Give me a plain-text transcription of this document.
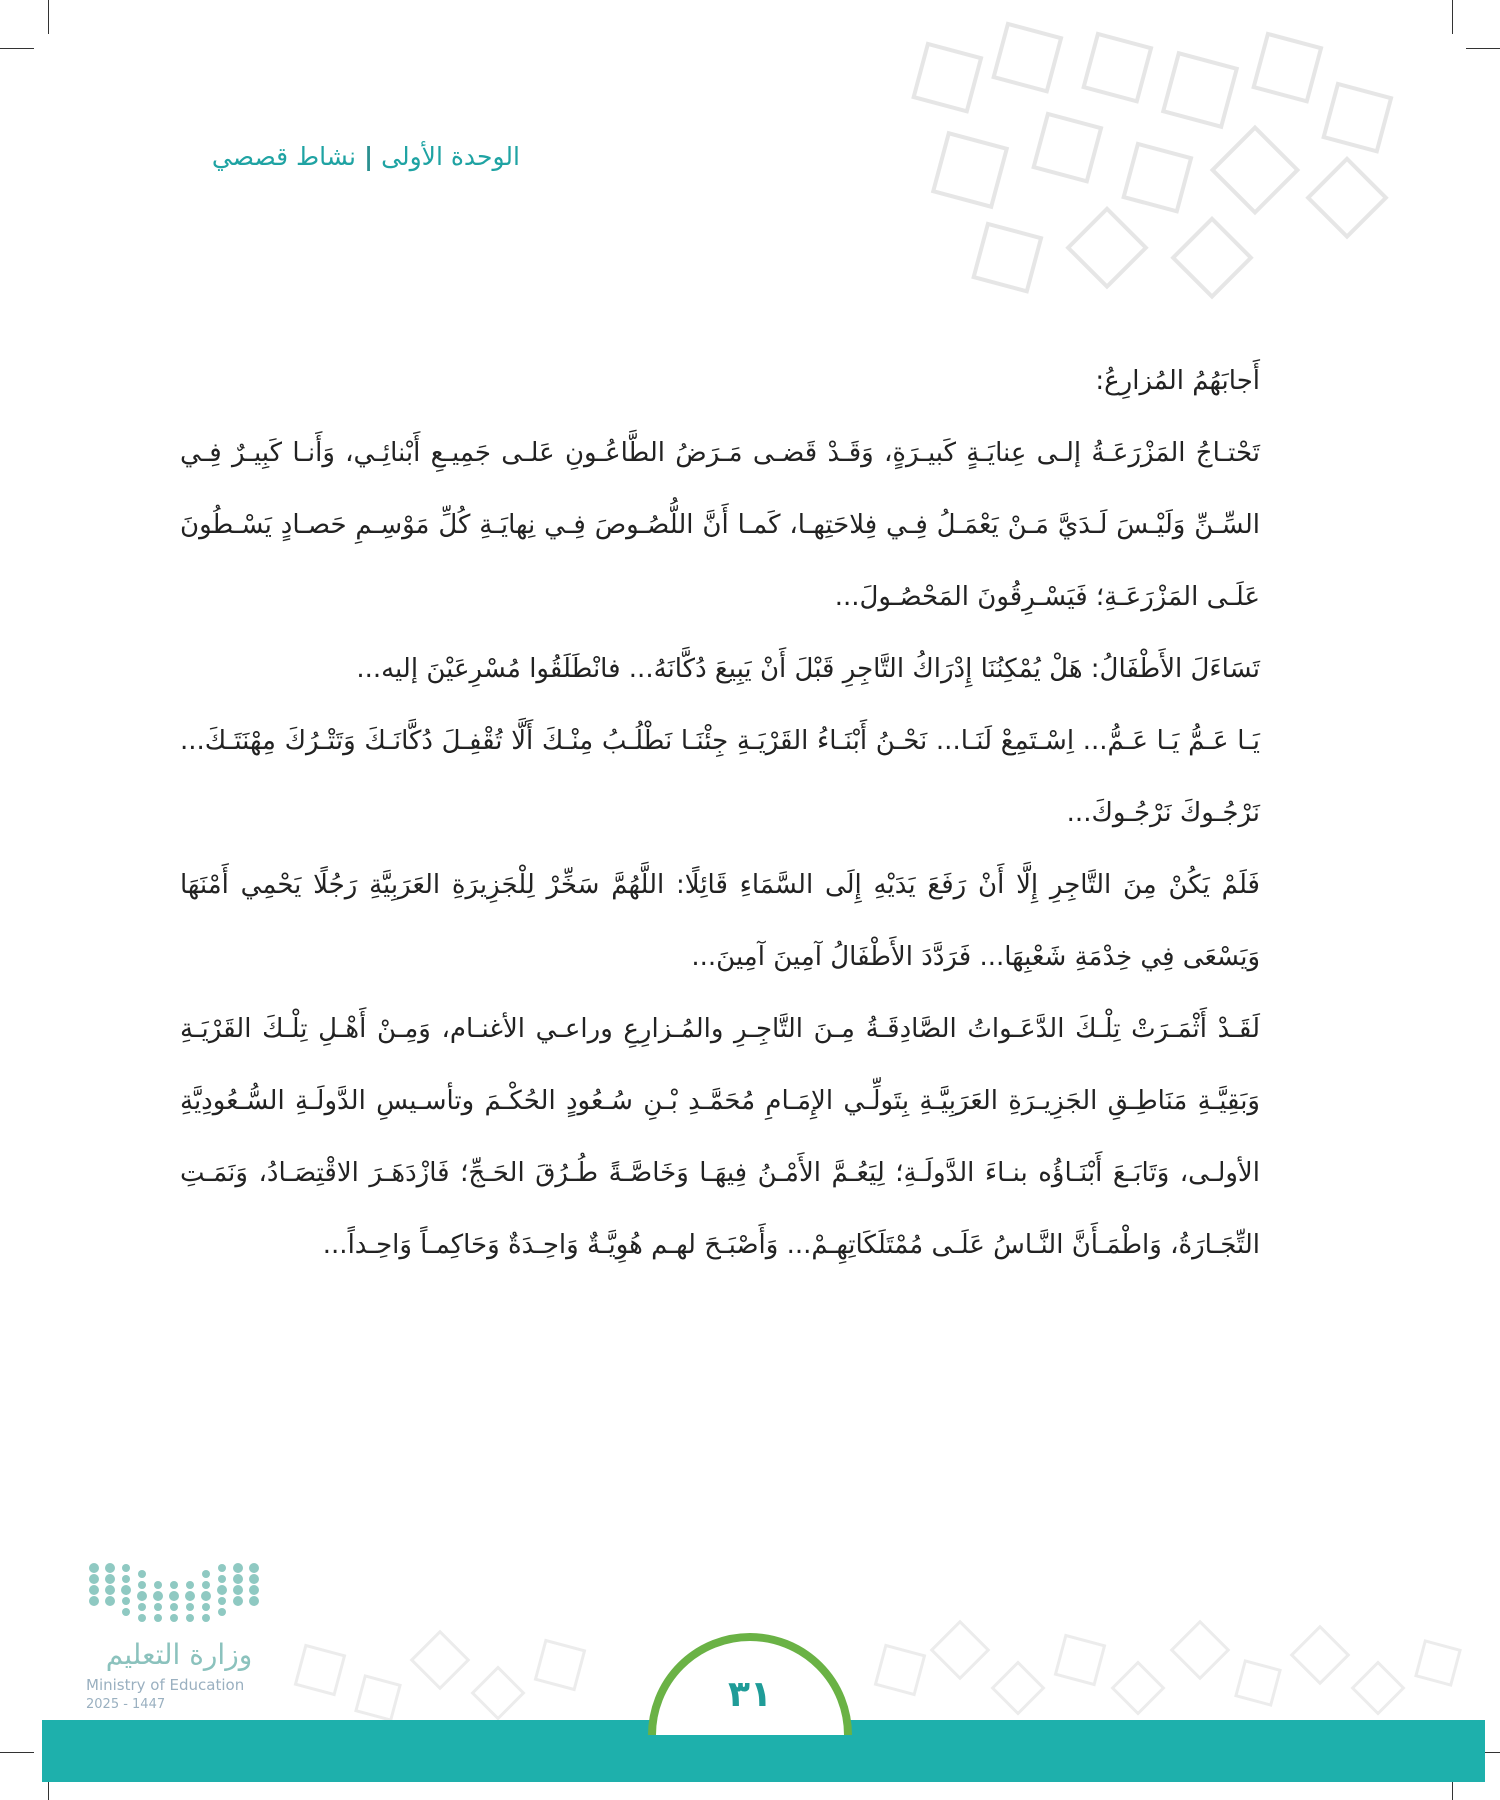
الوحدة الأولى|نشاط قصصي

أَجابَهُمُ المُزارِعُ:

تَحْتـاجُ المَزْرَعَـةُ إلـى عِنايَـةٍ كَبيـرَةٍ، وَقَـدْ قَضـى مَـرَضُ الطَّاعُـونِ عَلـى جَمِيـعِ أَبْنائِـي، وَأَنـا كَبِيـرٌ فِـي السِّـنِّ وَلَيْـسَ لَـدَيَّ مَـنْ يَعْمَـلُ فِـي فِلاحَتِهـا، كَمـا أَنَّ اللُّصُـوصَ فِـي نِهايَـةِ كُلِّ مَوْسِـمِ حَصـادٍ يَسْـطُونَ عَلَـى المَزْرَعَـةِ؛ فَيَسْـرِقُونَ المَحْصُـولَ...

تَسَاءَلَ الأَطْفَالُ: هَلْ يُمْكِنُنَا إِدْرَاكُ التَّاجِرِ قَبْلَ أَنْ يَبِيعَ دُكَّانَهُ... فانْطَلَقُوا مُسْرِعَيْنَ إليه...

يَـا عَـمُّ يَـا عَـمُّ... اِسْـتَمِعْ لَنَـا... نَحْـنُ أَبْنَـاءُ القَرْيَـةِ جِئْنَـا نَطْلُـبُ مِنْـكَ أَلَّا تُقْفِـلَ دُكَّانَـكَ وَتَتْـرُكَ مِهْنَتَـكَ... نَرْجُـوكَ نَرْجُـوكَ...

فَلَمْ يَكُنْ مِنَ التَّاجِرِ إِلَّا أَنْ رَفَعَ يَدَيْهِ إِلَى السَّمَاءِ قَائِلًا: اللَّهُمَّ سَخِّرْ لِلْجَزِيرَةِ العَرَبِيَّةِ رَجُلًا يَحْمِي أَمْنَهَا وَيَسْعَى فِي خِدْمَةِ شَعْبِهَا... فَرَدَّدَ الأَطْفَالُ آمِينَ آمِينَ...

لَقَـدْ أَثْمَـرَتْ تِلْـكَ الدَّعَـواتُ الصَّادِقَـةُ مِـنَ التَّاجِـرِ والمُـزارِعِ وراعـي الأغنـام، وَمِـنْ أَهْـلِ تِلْـكَ القَرْيَـةِ وَبَقِيَّـةِ مَنَاطِـقِ الجَزِيـرَةِ العَرَبِيَّـةِ بِتَولِّـي الإِمَـامِ مُحَمَّـدِ بْـنِ سُـعُودٍ الحُكْـمَ وتأسـيسِ الدَّولَـةِ السُّـعُودِيَّةِ الأولـى، وَتَابَـعَ أَبْنَـاؤُه بنـاءَ الدَّولَـةِ؛ لِيَعُـمَّ الأَمْـنُ فِيهَـا وَخَاصَّـةً طُـرُقَ الحَـجِّ؛ فَازْدَهَـرَ الاقْتِصَـادُ، وَنَمَـتِ التِّجَـارَةُ، وَاطْمَـأَنَّ النَّـاسُ عَلَـى مُمْتَلَكَاتِهِـمْ... وَأَصْبَـحَ لهـم هُوِيَّـةٌ وَاحِـدَةٌ وَحَاكِمـاً وَاحِـداً...

وزارة التعليم
Ministry of Education
2025 - 1447	٣١
